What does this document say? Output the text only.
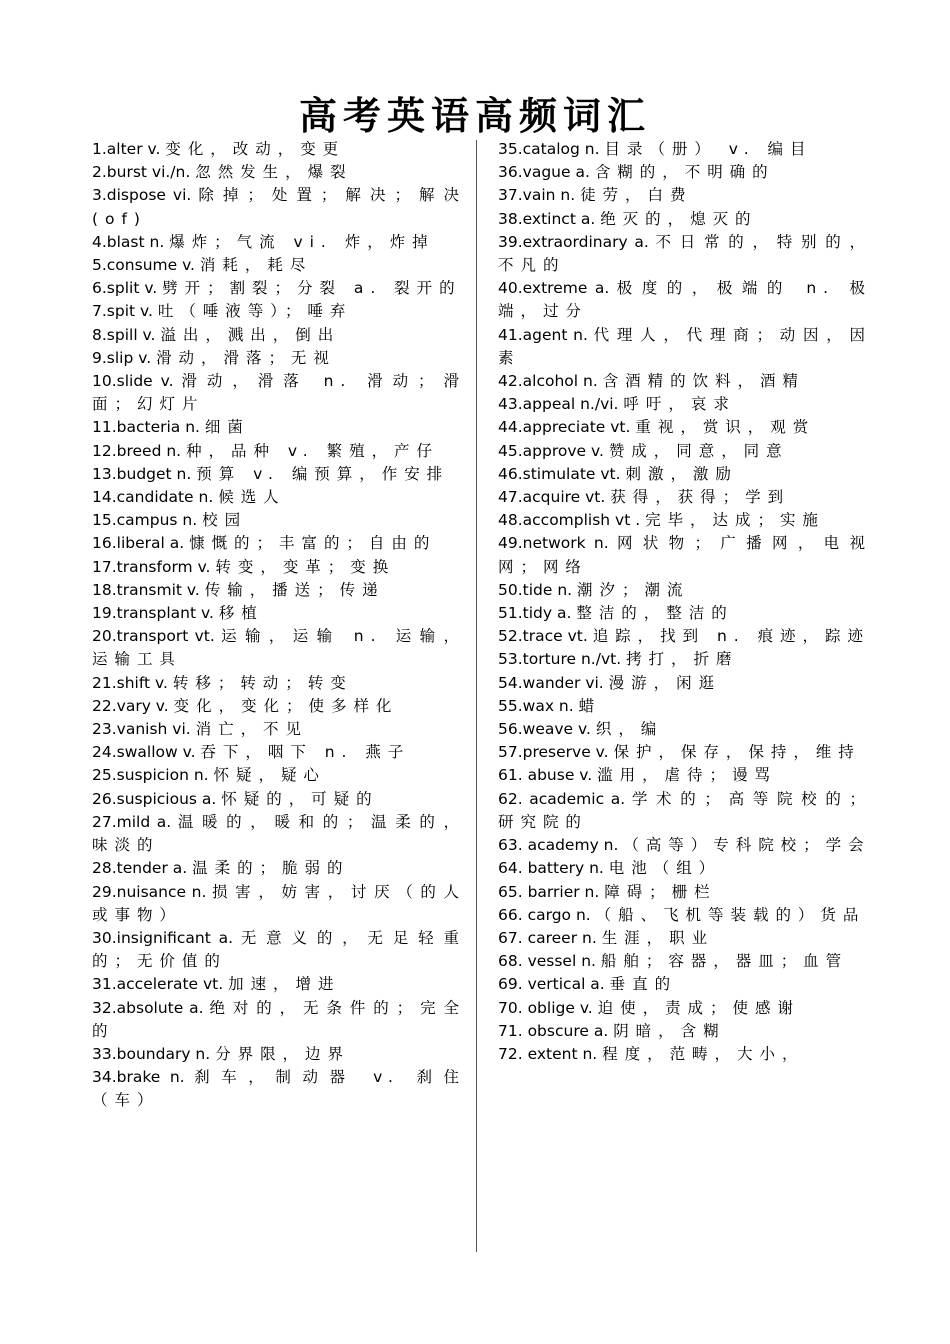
高考英语高频词汇
1.alter v. 变化，改动，变更
2.burst vi./n. 忽然发生，爆裂
3.dispose vi. 除掉；处置；解决；解决(of)
4.blast n. 爆炸；气流 vi. 炸，炸掉
5.consume v. 消耗，耗尽
6.split v. 劈开；割裂；分裂 a. 裂开的
7.spit v. 吐（唾液等）；唾弃
8.spill v. 溢出，溅出，倒出
9.slip v. 滑动，滑落；无视
10.slide v. 滑动，滑落 n. 滑动；滑面；幻灯片
11.bacteria n. 细菌
12.breed n. 种，品种 v. 繁殖，产仔
13.budget n. 预算 v. 编预算，作安排
14.candidate n. 候选人
15.campus n. 校园
16.liberal a. 慷慨的；丰富的；自由的
17.transform v. 转变，变革；变换
18.transmit v. 传输，播送；传递
19.transplant v. 移植
20.transport vt. 运输，运输 n. 运输，运输工具
21.shift v. 转移；转动；转变
22.vary v. 变化，变化；使多样化
23.vanish vi. 消亡，不见
24.swallow v. 吞下，咽下 n. 燕子
25.suspicion n. 怀疑，疑心
26.suspicious a. 怀疑的，可疑的
27.mild a. 温暖的，暖和的；温柔的，味淡的
28.tender a. 温柔的；脆弱的
29.nuisance n. 损害，妨害，讨厌（的人或事物）
30.insignificant a. 无意义的，无足轻重的；无价值的
31.accelerate vt. 加速，增进
32.absolute a. 绝对的，无条件的；完全的
33.boundary n. 分界限，边界
34.brake n. 刹车，制动器 v. 刹住（车）
35.catalog n. 目录（册） v. 编目
36.vague a. 含糊的，不明确的
37.vain n. 徒劳，白费
38.extinct a. 绝灭的，熄灭的
39.extraordinary a. 不日常的，特别的，不凡的
40.extreme a. 极度的，极端的 n. 极端，过分
41.agent n. 代理人，代理商；动因，因素
42.alcohol n. 含酒精的饮料，酒精
43.appeal n./vi. 呼吁，哀求
44.appreciate vt. 重视，赏识，观赏
45.approve v. 赞成，同意，同意
46.stimulate vt. 刺激，激励
47.acquire vt. 获得，获得；学到
48.accomplish vt . 完毕，达成；实施
49.network n. 网状物；广播网，电视网；网络
50.tide n. 潮汐；潮流
51.tidy a. 整洁的，整洁的
52.trace vt. 追踪，找到 n. 痕迹，踪迹
53.torture n./vt. 拷打，折磨
54.wander vi. 漫游，闲逛
55.wax n. 蜡
56.weave v. 织，编
57.preserve v. 保护，保存，保持，维持
61. abuse v. 滥用，虐待；谩骂
62. academic a. 学术的；高等院校的；研究院的
63. academy n. （高等）专科院校；学会
64. battery n. 电池（组）
65. barrier n. 障碍；栅栏
66. cargo n. （船、飞机等装载的）货品
67. career n. 生涯，职业
68. vessel n. 船舶；容器，器皿；血管
69. vertical a. 垂直的
70. oblige v. 迫使，责成；使感谢
71. obscure a. 阴暗，含糊
72. extent n. 程度，范畴，大小，
